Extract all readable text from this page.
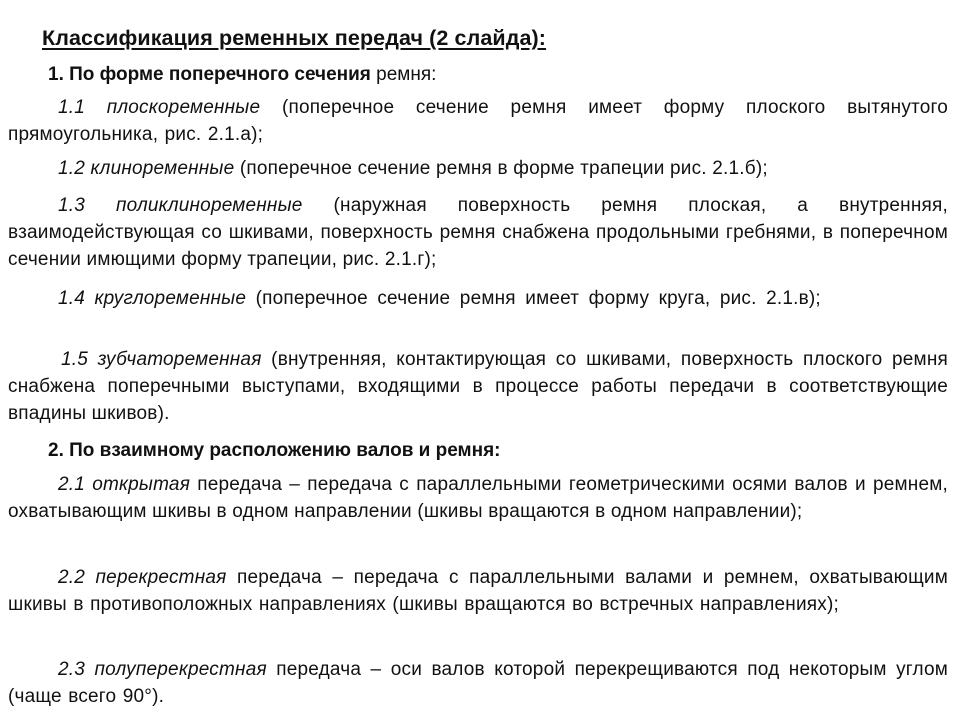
Классификация ременных передач (2 слайда):
1. По форме поперечного сечения ремня:
1.1 плоскоременные (поперечное сечение ремня имеет форму плоского вытянутого прямоугольника, рис. 2.1.а);
1.2 клиноременные (поперечное сечение ремня в форме трапеции рис. 2.1.б);
1.3 поликлиноременные (наружная поверхность ремня плоская, а внутренняя, взаимодействующая со шкивами, поверхность ремня снабжена продольными гребнями, в поперечном сечении имющими форму трапеции, рис. 2.1.г);
1.4 круглоременные (поперечное сечение ремня имеет форму круга, рис. 2.1.в);
1.5 зубчатоременная (внутренняя, контактирующая со шкивами, поверхность плоского ремня снабжена поперечными выступами, входящими в процессе работы передачи в соответствующие впадины шкивов).
2. По взаимному расположению валов и ремня:
2.1 открытая передача – передача с параллельными геометрическими осями валов и ремнем, охватывающим шкивы в одном направлении (шкивы вращаются в одном направлении);
2.2 перекрестная передача – передача с параллельными валами и ремнем, охватывающим шкивы в противоположных направлениях (шкивы вращаются во встречных направлениях);
2.3 полуперекрестная передача – оси валов которой перекрещиваются под некоторым углом (чаще всего 90°).
